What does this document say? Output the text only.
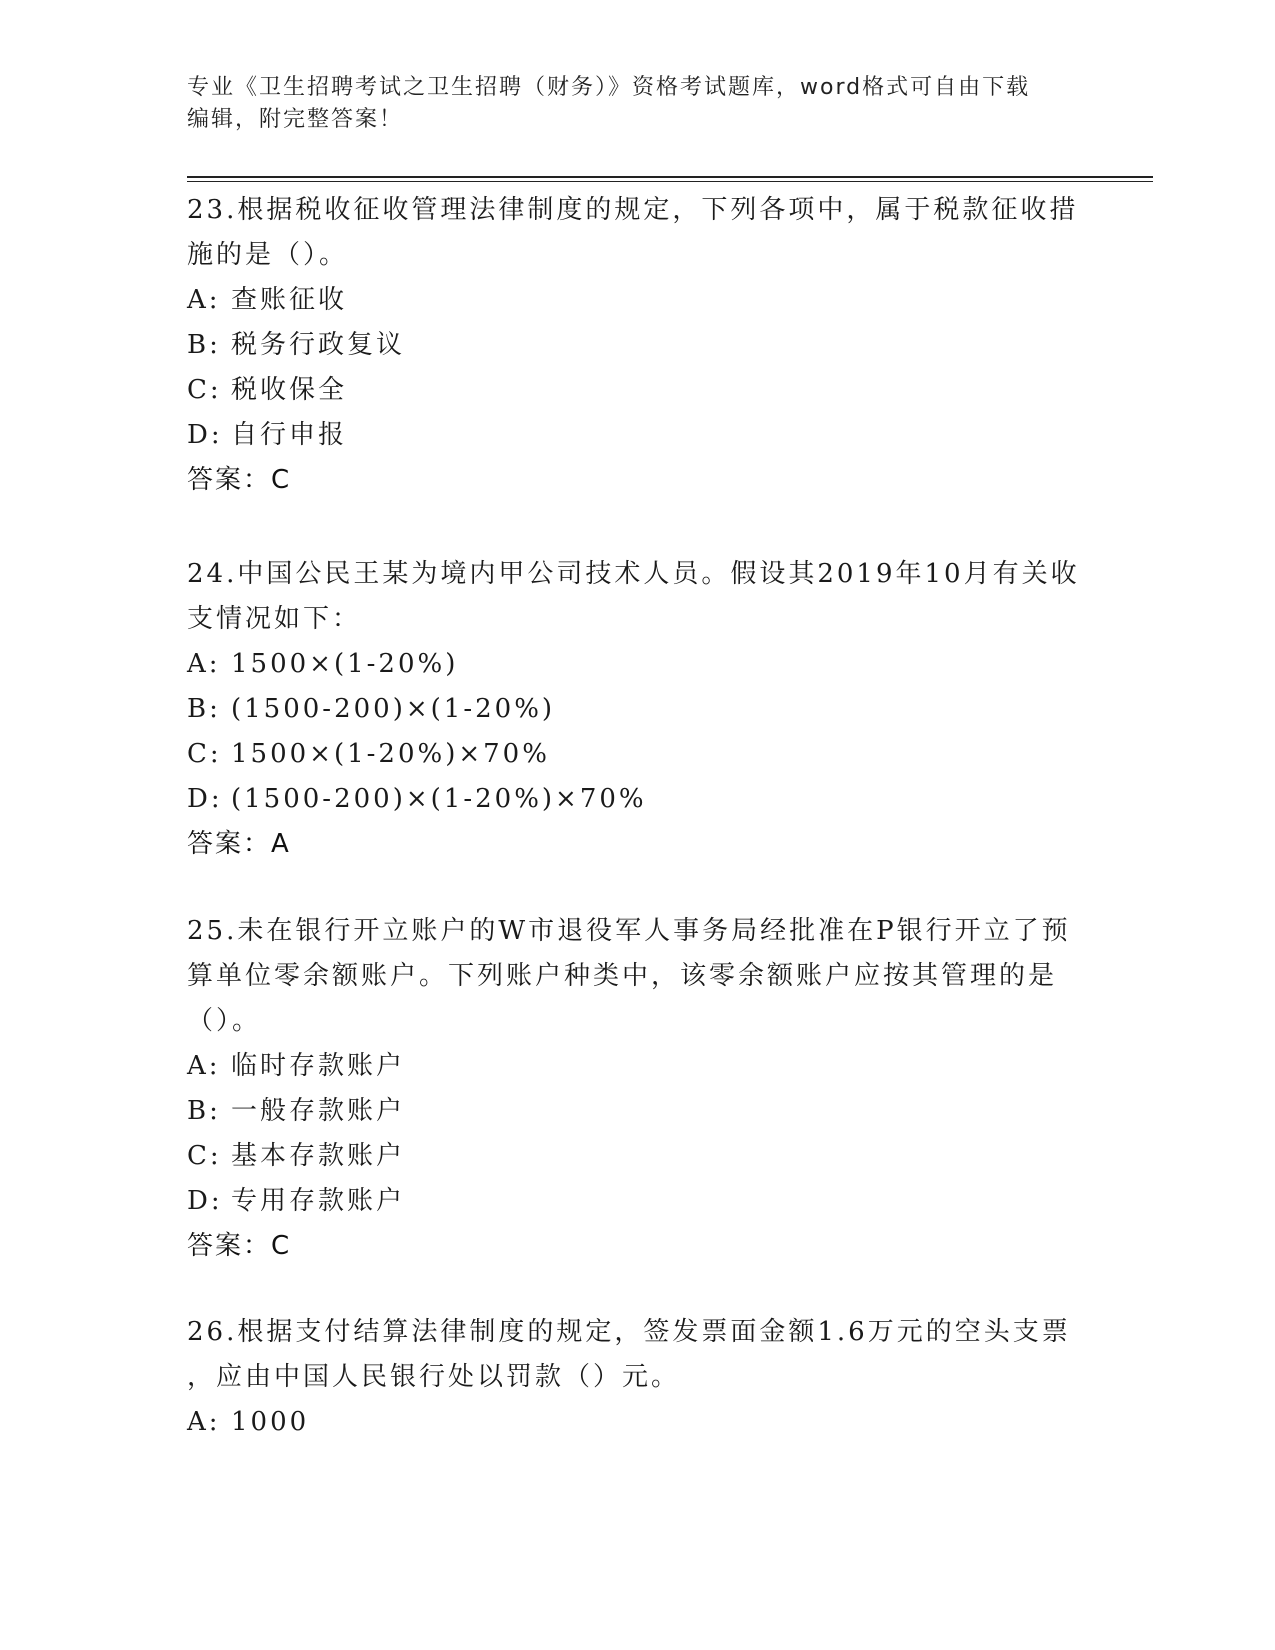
专业《卫生招聘考试之卫生招聘（财务）》资格考试题库，word格式可自由下载
编辑，附完整答案！

23.根据税收征收管理法律制度的规定，下列各项中，属于税款征收措

施的是（）。

A: 查账征收

B: 税务行政复议

C: 税收保全

D: 自行申报

答案：C

24.中国公民王某为境内甲公司技术人员。假设其2019年10月有关收

支情况如下：

A: 1500×(1-20%)

B: (1500-200)×(1-20%)

C: 1500×(1-20%)×70%

D: (1500-200)×(1-20%)×70%

答案：A

25.未在银行开立账户的W市退役军人事务局经批准在P银行开立了预

算单位零余额账户。下列账户种类中，该零余额账户应按其管理的是

（）。

A: 临时存款账户

B: 一般存款账户

C: 基本存款账户

D: 专用存款账户

答案：C

26.根据支付结算法律制度的规定，签发票面金额1.6万元的空头支票

，应由中国人民银行处以罚款（）元。

A: 1000
